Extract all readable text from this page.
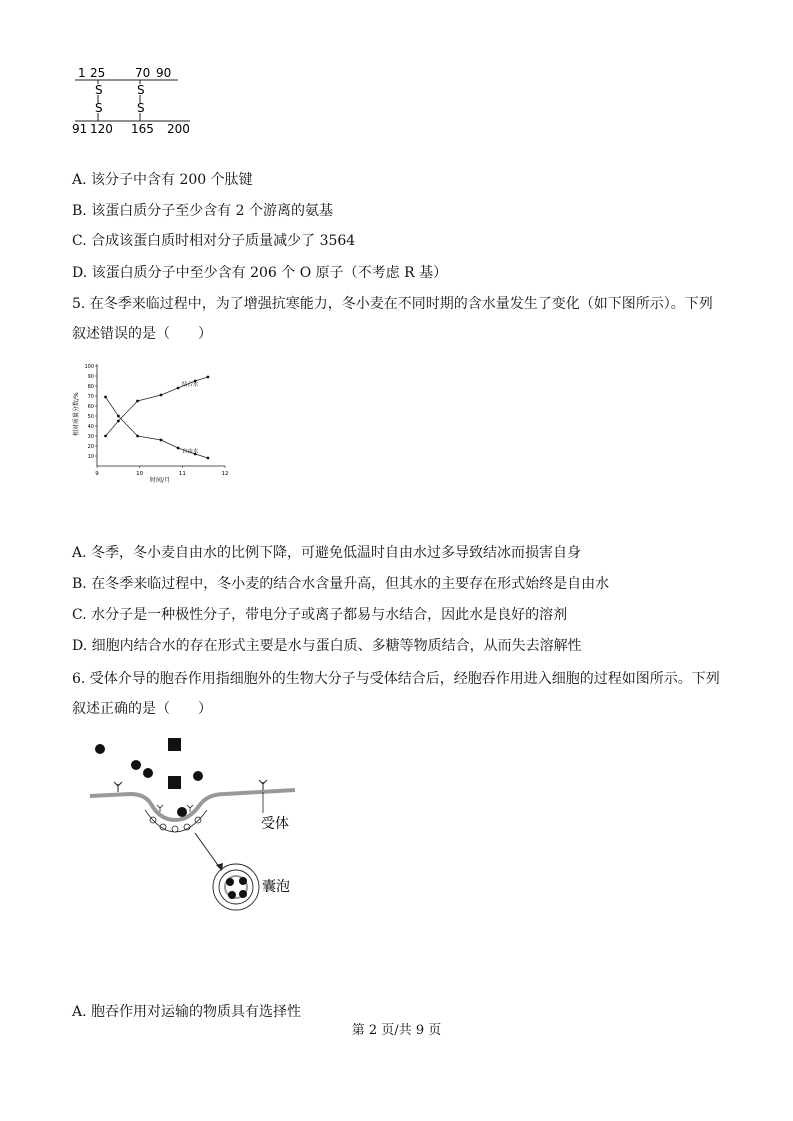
1 25 70 90
S
S
S
S
91 120 165 200
A. 该分子中含有 200 个肽键
B. 该蛋白质分子至少含有 2 个游离的氨基
C. 合成该蛋白质时相对分子质量减少了 3564
D. 该蛋白质分子中至少含有 206 个 O 原子（不考虑 R 基）
5. 在冬季来临过程中，为了增强抗寒能力，冬小麦在不同时期的含水量发生了变化（如下图所示）。下列
叙述错误的是（　　）
相对质量分数/%
时间/月
10
20
30
40
50
60
70
80
90
100
9	10	11	12
结合水
自由水
A. 冬季，冬小麦自由水的比例下降，可避免低温时自由水过多导致结冰而损害自身
B. 在冬季来临过程中，冬小麦的结合水含量升高，但其水的主要存在形式始终是自由水
C. 水分子是一种极性分子，带电分子或离子都易与水结合，因此水是良好的溶剂
D. 细胞内结合水的存在形式主要是水与蛋白质、多糖等物质结合，从而失去溶解性
6. 受体介导的胞吞作用指细胞外的生物大分子与受体结合后，经胞吞作用进入细胞的过程如图所示。下列
叙述正确的是（　　）
受体
囊泡
A. 胞吞作用对运输的物质具有选择性
第 2 页/共 9 页
